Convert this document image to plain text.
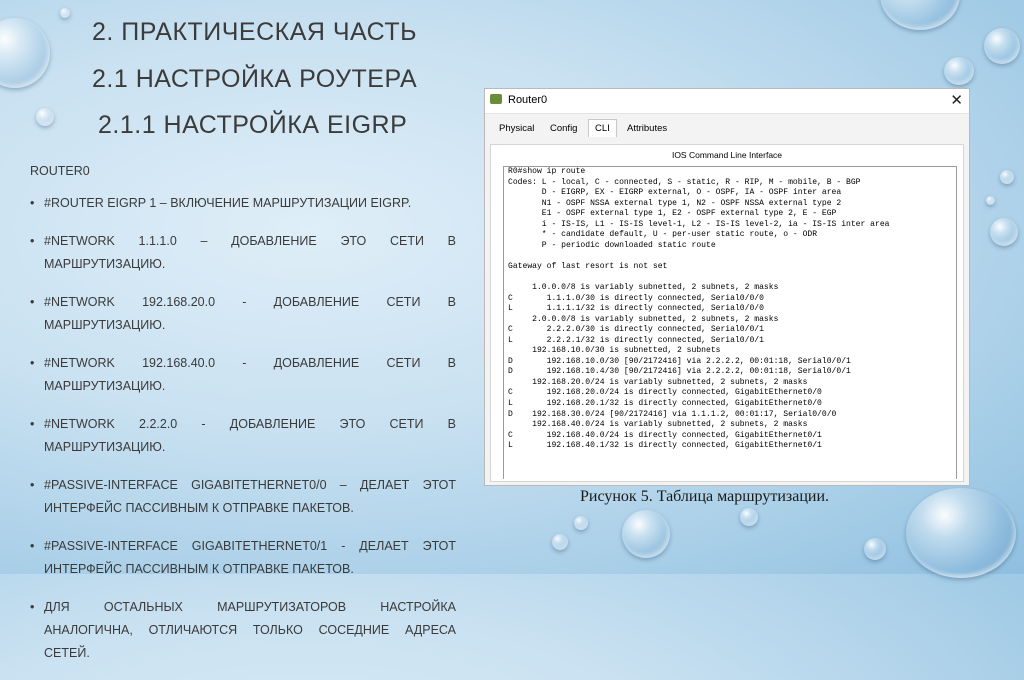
2. ПРАКТИЧЕСКАЯ ЧАСТЬ
2.1 НАСТРОЙКА РОУТЕРА
2.1.1 НАСТРОЙКА EIGRP
ROUTER0
• #ROUTER EIGRP 1 – ВКЛЮЧЕНИЕ МАРШРУТИЗАЦИИ EIGRP.
• #NETWORK 1.1.1.0 – ДОБАВЛЕНИЕ ЭТО СЕТИ В МАРШРУТИЗАЦИЮ.
• #NETWORK 192.168.20.0 - ДОБАВЛЕНИЕ СЕТИ В МАРШРУТИЗАЦИЮ.
• #NETWORK 192.168.40.0 - ДОБАВЛЕНИЕ СЕТИ В МАРШРУТИЗАЦИЮ.
• #NETWORK 2.2.2.0 - ДОБАВЛЕНИЕ ЭТО СЕТИ В МАРШРУТИЗАЦИЮ.
• #PASSIVE-INTERFACE GIGABITETHERNET0/0 – ДЕЛАЕТ ЭТОТ ИНТЕРФЕЙС ПАССИВНЫМ К ОТПРАВКЕ ПАКЕТОВ.
• #PASSIVE-INTERFACE GIGABITETHERNET0/1 - ДЕЛАЕТ ЭТОТ ИНТЕРФЕЙС ПАССИВНЫМ К ОТПРАВКЕ ПАКЕТОВ.
• ДЛЯ ОСТАЛЬНЫХ МАРШРУТИЗАТОРОВ НАСТРОЙКА АНАЛОГИЧНА, ОТЛИЧАЮТСЯ ТОЛЬКО СОСЕДНИЕ АДРЕСА СЕТЕЙ.
Router0	✕
Physical	Config	CLI	Attributes
IOS Command Line Interface
R0#show ip route
Codes: L - local, C - connected, S - static, R - RIP, M - mobile, B - BGP
D - EIGRP, EX - EIGRP external, O - OSPF, IA - OSPF inter area
N1 - OSPF NSSA external type 1, N2 - OSPF NSSA external type 2
E1 - OSPF external type 1, E2 - OSPF external type 2, E - EGP
i - IS-IS, L1 - IS-IS level-1, L2 - IS-IS level-2, ia - IS-IS inter area
* - candidate default, U - per-user static route, o - ODR
P - periodic downloaded static route

Gateway of last resort is not set

1.0.0.0/8 is variably subnetted, 2 subnets, 2 masks
C       1.1.1.0/30 is directly connected, Serial0/0/0
L       1.1.1.1/32 is directly connected, Serial0/0/0
2.0.0.0/8 is variably subnetted, 2 subnets, 2 masks
C       2.2.2.0/30 is directly connected, Serial0/0/1
L       2.2.2.1/32 is directly connected, Serial0/0/1
192.168.10.0/30 is subnetted, 2 subnets
D       192.168.10.0/30 [90/2172416] via 2.2.2.2, 00:01:18, Serial0/0/1
D       192.168.10.4/30 [90/2172416] via 2.2.2.2, 00:01:18, Serial0/0/1
192.168.20.0/24 is variably subnetted, 2 subnets, 2 masks
C       192.168.20.0/24 is directly connected, GigabitEthernet0/0
L       192.168.20.1/32 is directly connected, GigabitEthernet0/0
D    192.168.30.0/24 [90/2172416] via 1.1.1.2, 00:01:17, Serial0/0/0
192.168.40.0/24 is variably subnetted, 2 subnets, 2 masks
C       192.168.40.0/24 is directly connected, GigabitEthernet0/1
L       192.168.40.1/32 is directly connected, GigabitEthernet0/1
Рисунок 5. Таблица маршрутизации.
